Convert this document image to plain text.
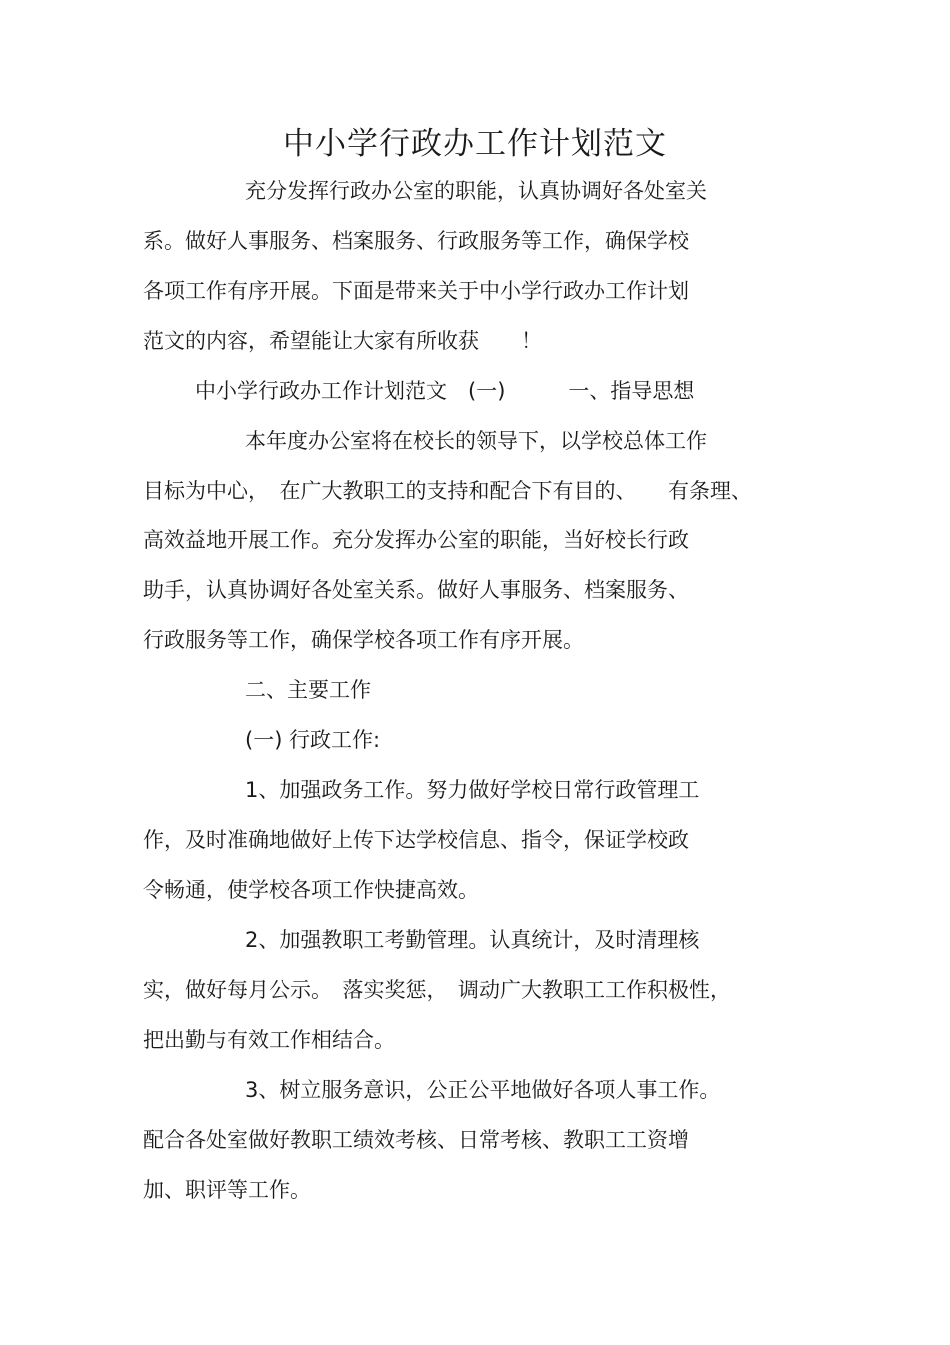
中小学行政办工作计划范文
充分发挥行政办公室的职能，认真协调好各处室关
系。做好人事服务、档案服务、行政服务等工作，确保学校
各项工作有序开展。下面是带来关于中小学行政办工作计划
范文的内容，希望能让大家有所收获　　！
中小学行政办工作计划范文　(一)　　　一、指导思想
本年度办公室将在校长的领导下，以学校总体工作
目标为中心，　在广大教职工的支持和配合下有目的、　　有条理、
高效益地开展工作。充分发挥办公室的职能，当好校长行政
助手，认真协调好各处室关系。做好人事服务、档案服务、
行政服务等工作，确保学校各项工作有序开展。
二、主要工作
(一) 行政工作:
1、加强政务工作。努力做好学校日常行政管理工
作，及时准确地做好上传下达学校信息、指令，保证学校政
令畅通，使学校各项工作快捷高效。
2、加强教职工考勤管理。认真统计，及时清理核
实，做好每月公示。　落实奖惩，　调动广大教职工工作积极性，
把出勤与有效工作相结合。
3、树立服务意识，公正公平地做好各项人事工作。
配合各处室做好教职工绩效考核、日常考核、教职工工资增
加、职评等工作。
